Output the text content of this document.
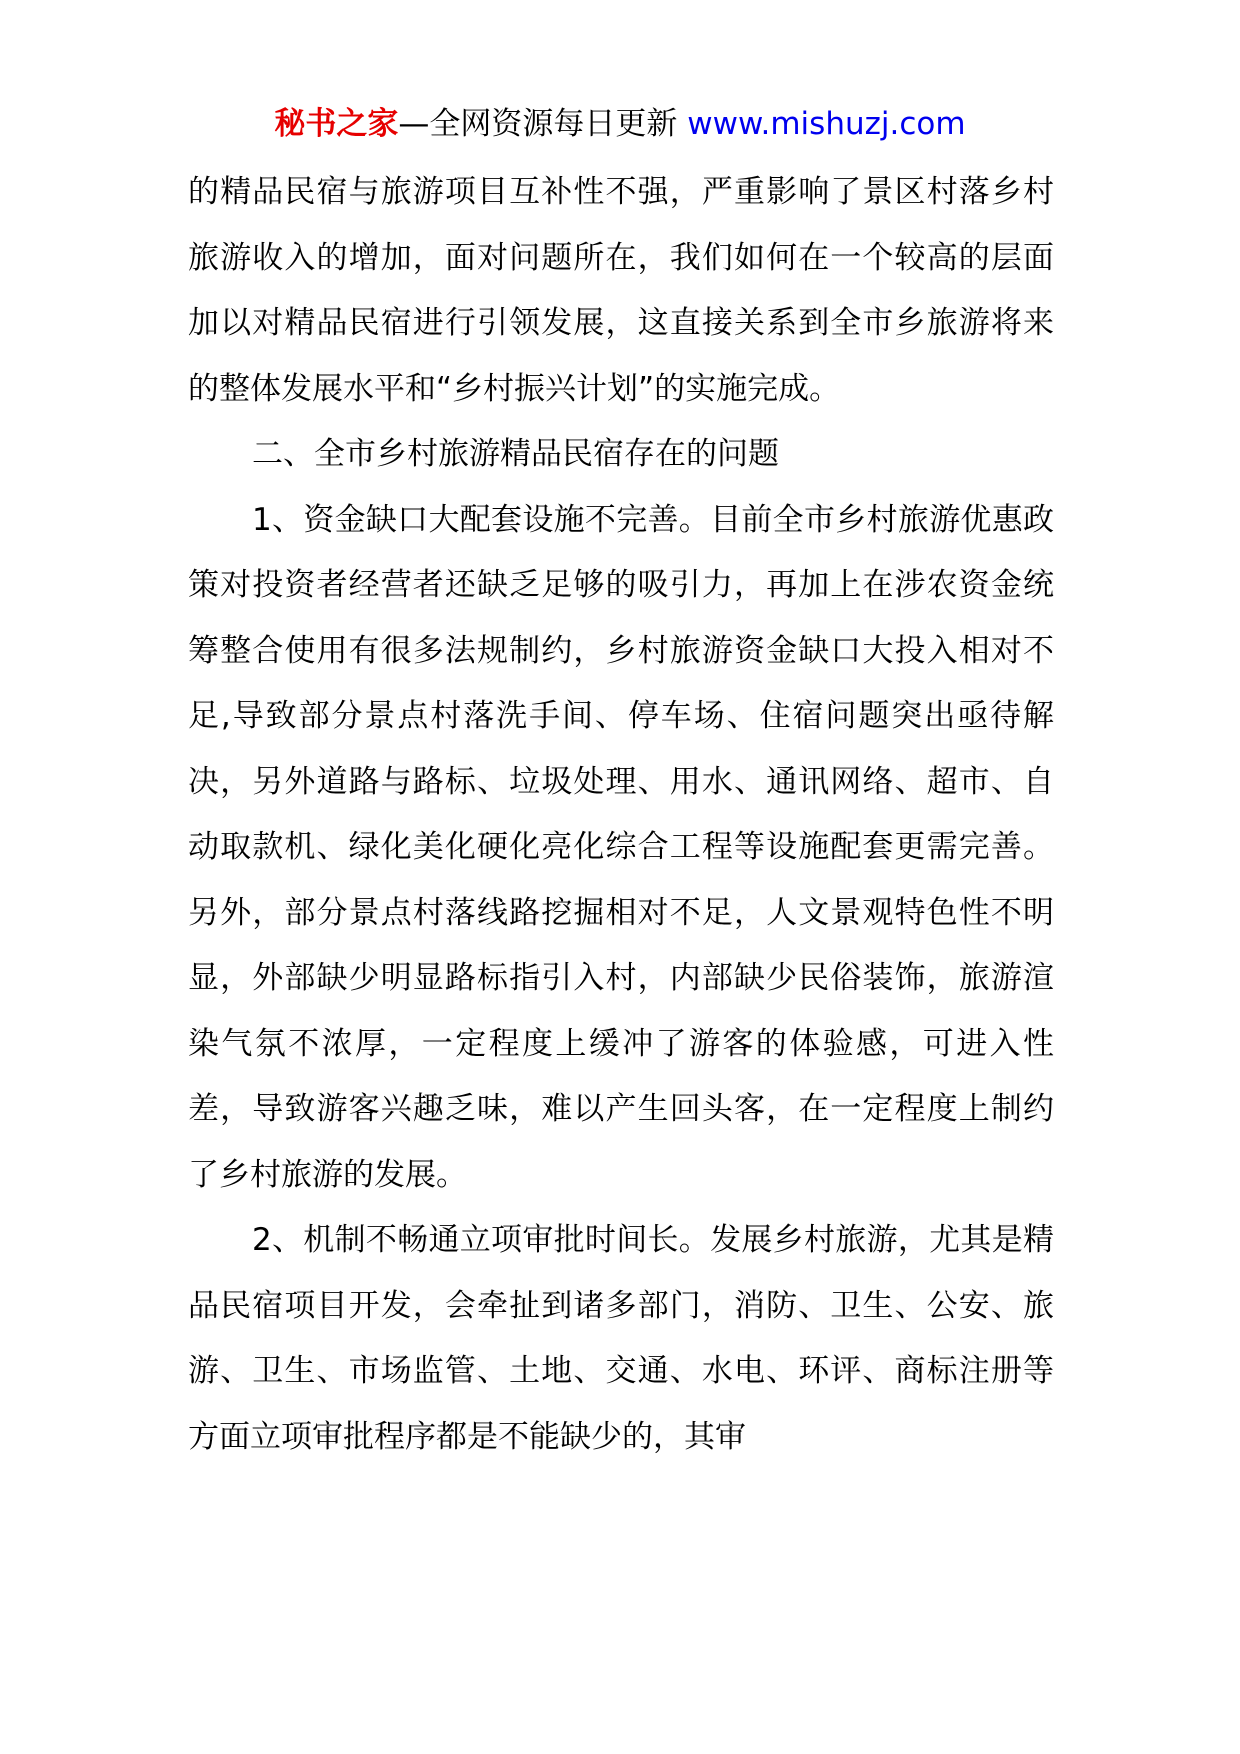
秘书之家—全网资源每日更新 www.mishuzj.com

的精品民宿与旅游项目互补性不强，严重影响了景区村落乡村旅游收入的增加，面对问题所在，我们如何在一个较高的层面加以对精品民宿进行引领发展，这直接关系到全市乡旅游将来的整体发展水平和“乡村振兴计划”的实施完成。

二、全市乡村旅游精品民宿存在的问题

1、资金缺口大配套设施不完善。目前全市乡村旅游优惠政策对投资者经营者还缺乏足够的吸引力，再加上在涉农资金统筹整合使用有很多法规制约，乡村旅游资金缺口大投入相对不足,导致部分景点村落洗手间、停车场、住宿问题突出亟待解决，另外道路与路标、垃圾处理、用水、通讯网络、超市、自动取款机、绿化美化硬化亮化综合工程等设施配套更需完善。另外，部分景点村落线路挖掘相对不足，人文景观特色性不明显，外部缺少明显路标指引入村，内部缺少民俗装饰，旅游渲染气氛不浓厚，一定程度上缓冲了游客的体验感，可进入性差，导致游客兴趣乏味，难以产生回头客，在一定程度上制约了乡村旅游的发展。

2、机制不畅通立项审批时间长。发展乡村旅游，尤其是精品民宿项目开发，会牵扯到诸多部门，消防、卫生、公安、旅游、卫生、市场监管、土地、交通、水电、环评、商标注册等方面立项审批程序都是不能缺少的，其审
